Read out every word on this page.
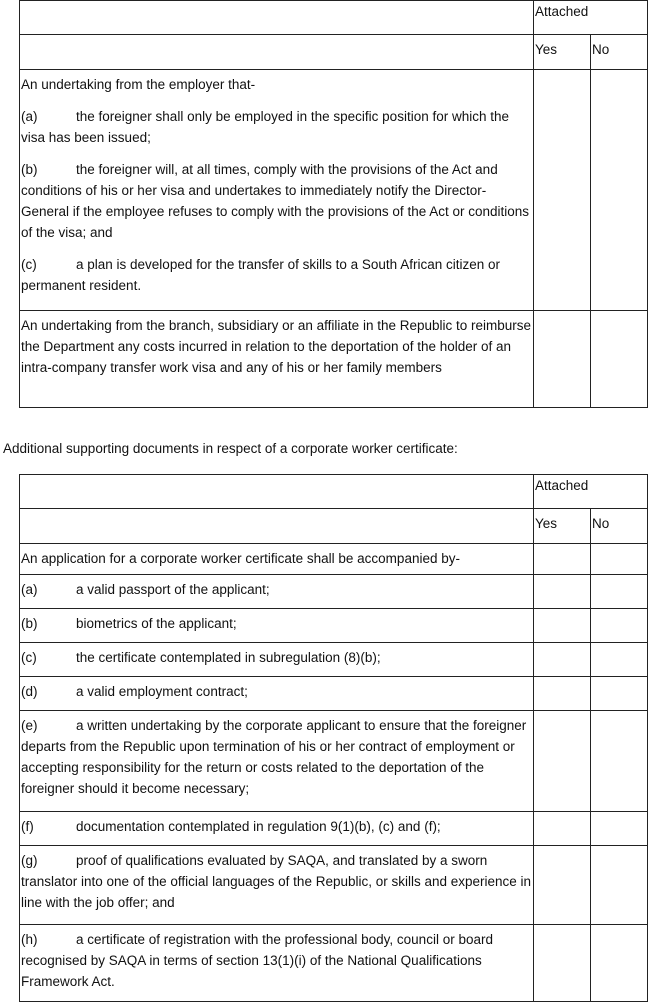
	Attached	
	Yes	No

An undertaking from the employer that-
(a) the foreigner shall only be employed in the specific position for which the visa has been issued;
(b) the foreigner will, at all times, comply with the provisions of the Act and conditions of his or her visa and undertakes to immediately notify the Director-General if the employee refuses to comply with the provisions of the Act or conditions of the visa; and
(c) a plan is developed for the transfer of skills to a South African citizen or permanent resident.		

An undertaking from the branch, subsidiary or an affiliate in the Republic to reimburse the Department any costs incurred in relation to the deportation of the holder of an intra-company transfer work visa and any of his or her family members		
Additional supporting documents in respect of a corporate worker certificate:
	Attached	
	Yes	No
An application for a corporate worker certificate shall be accompanied by-		
(a) a valid passport of the applicant;		
(b) biometrics of the applicant;		
(c) the certificate contemplated in subregulation (8)(b);		
(d) a valid employment contract;		
(e) a written undertaking by the corporate applicant to ensure that the foreigner departs from the Republic upon termination of his or her contract of employment or accepting responsibility for the return or costs related to the deportation of the foreigner should it become necessary;		
(f) documentation contemplated in regulation 9(1)(b), (c) and (f);		
(g) proof of qualifications evaluated by SAQA, and translated by a sworn translator into one of the official languages of the Republic, or skills and experience in line with the job offer; and		
(h) a certificate of registration with the professional body, council or board recognised by SAQA in terms of section 13(1)(i) of the National Qualifications Framework Act.		
